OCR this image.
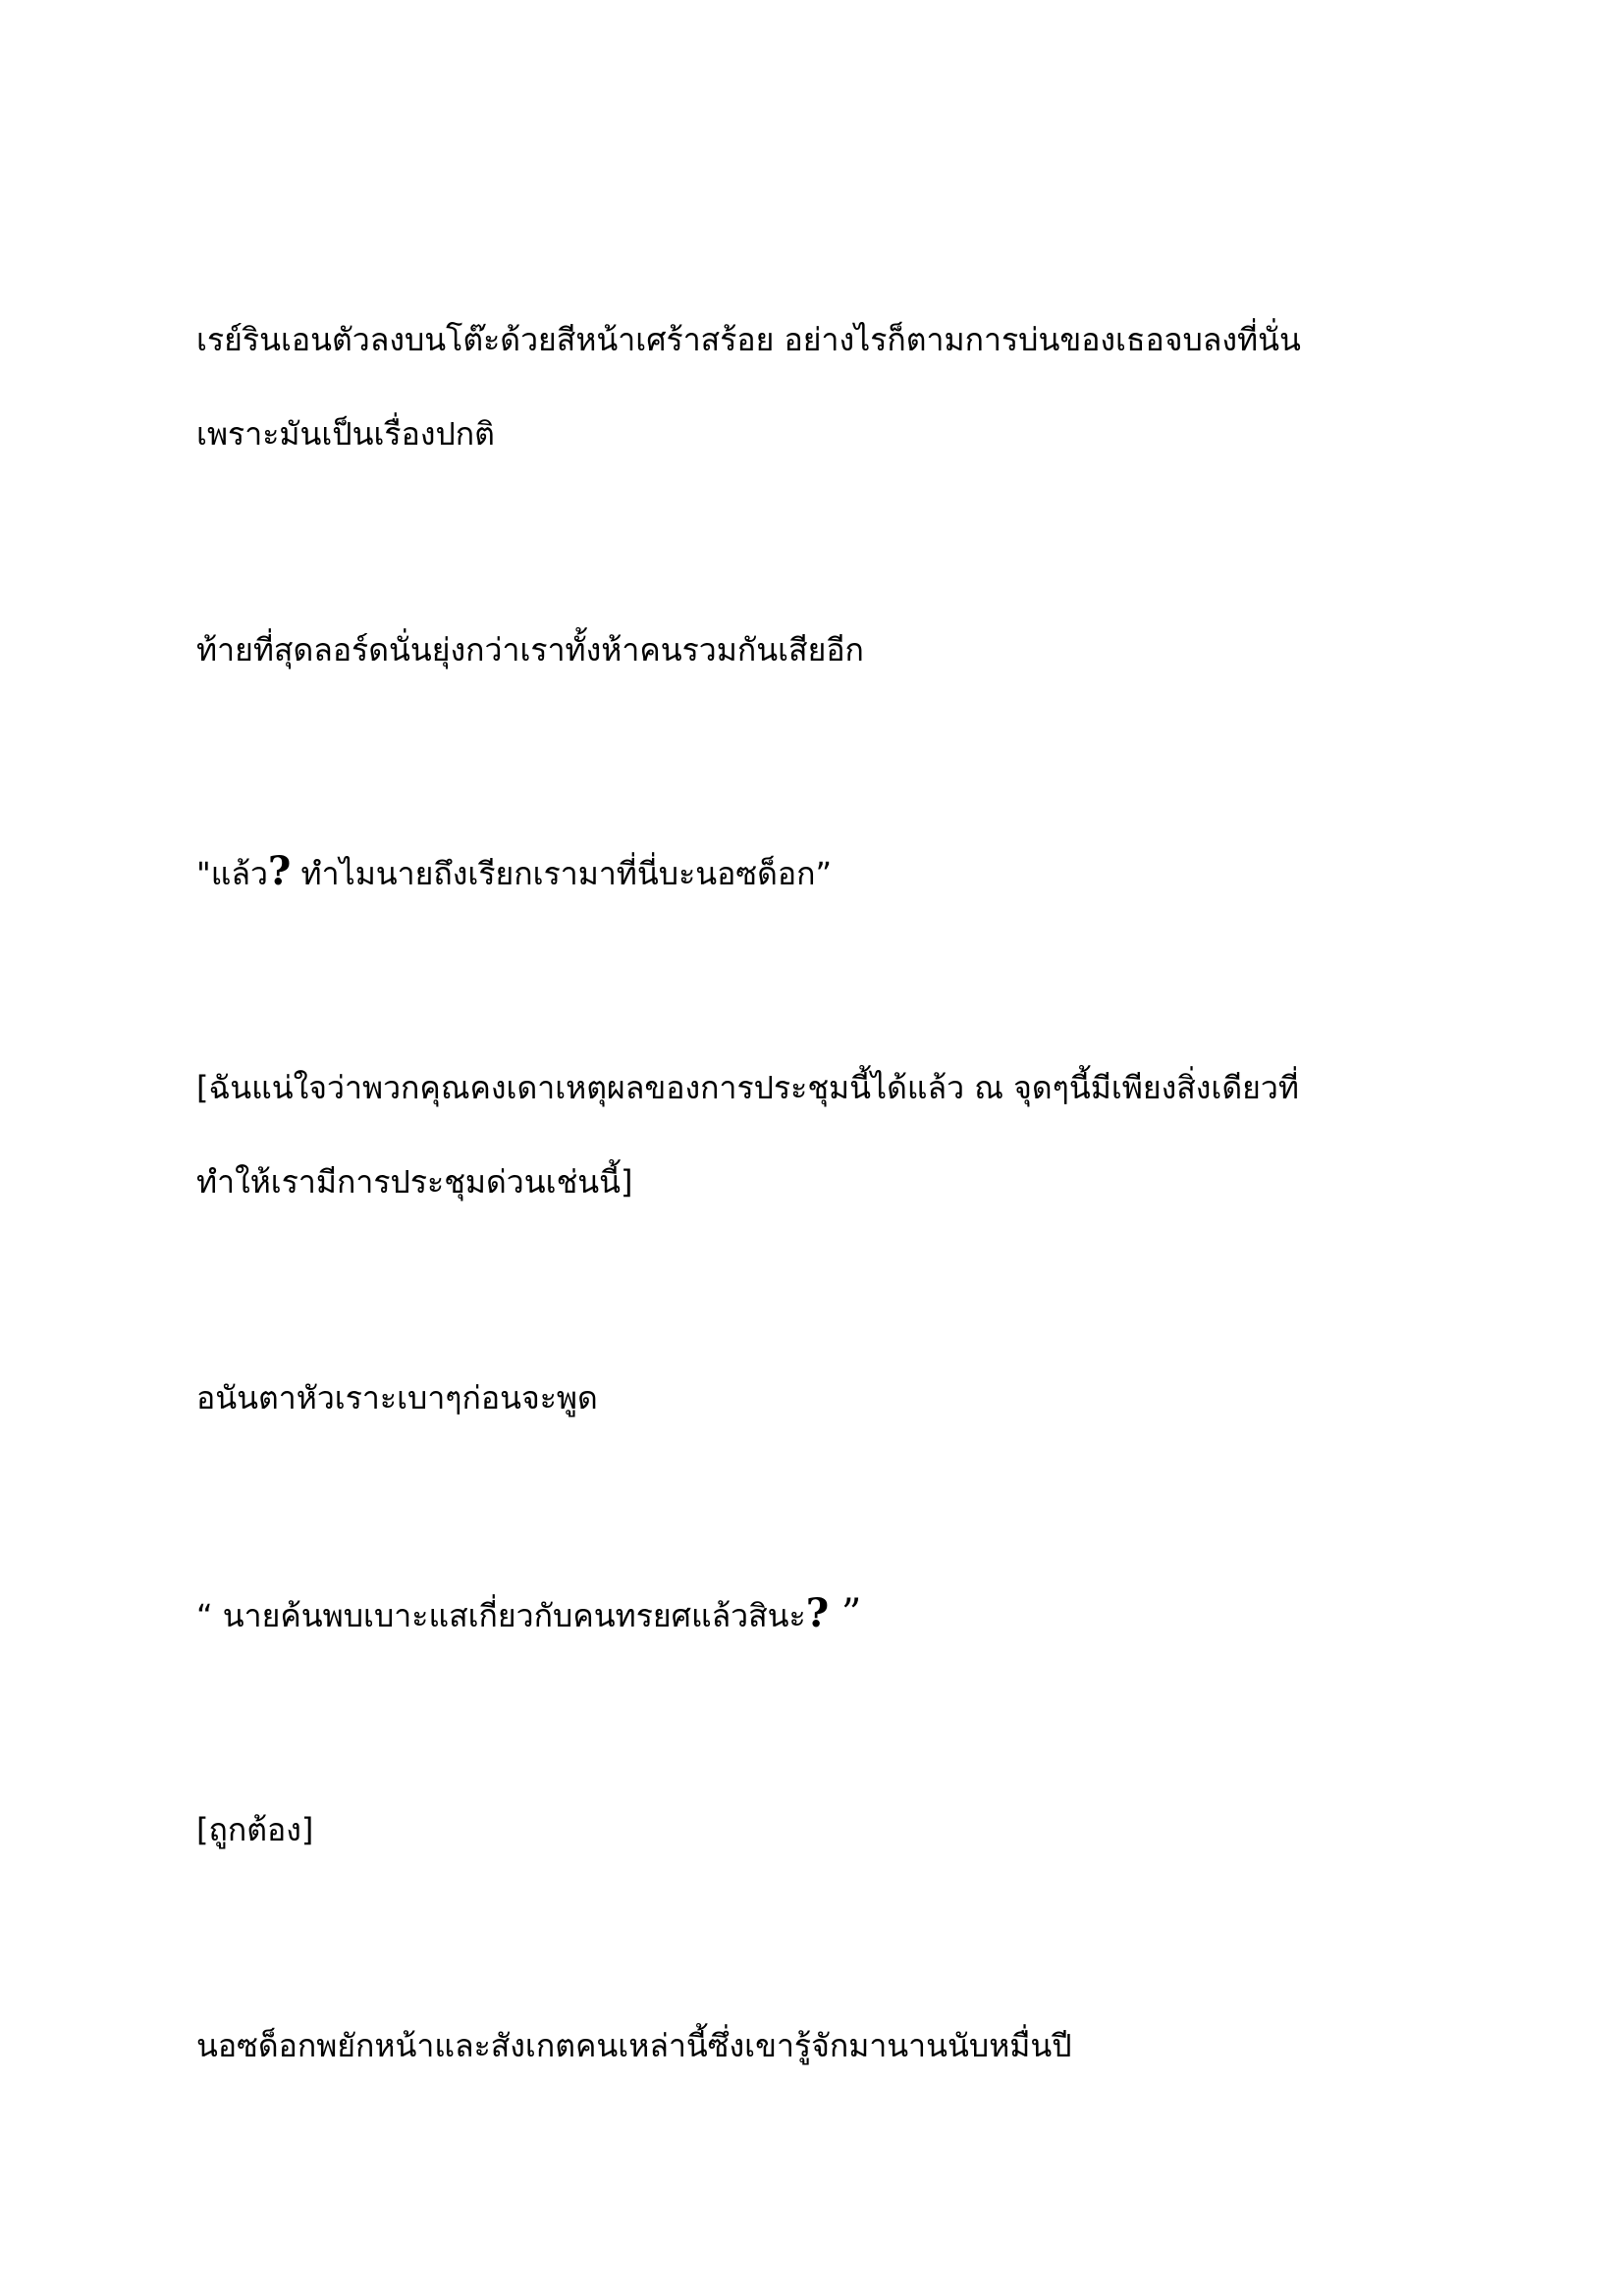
เรย์รินเอนตัวลงบนโต๊ะด้วยสีหน้าเศร้าสร้อย อย่างไรก็ตามการบ่นของเธอจบลงที่นั่น
เพราะมันเป็นเรื่องปกติ

ท้ายที่สุดลอร์ดนั่นยุ่งกว่าเราทั้งห้าคนรวมกันเสียอีก

"แล้ว? ทำไมนายถึงเรียกเรามาที่นี่บะนอซด็อก”

[ฉันแน่ใจว่าพวกคุณคงเดาเหตุผลของการประชุมนี้ได้แล้ว ณ จุดๆนี้มีเพียงสิ่งเดียวที่
ทำให้เรามีการประชุมด่วนเช่นนี้]

อนันตาหัวเราะเบาๆก่อนจะพูด

“ นายค้นพบเบาะแสเกี่ยวกับคนทรยศแล้วสินะ? ”

[ถูกต้อง]

นอซด็อกพยักหน้าและสังเกตคนเหล่านี้ซึ่งเขารู้จักมานานนับหมื่นปี
